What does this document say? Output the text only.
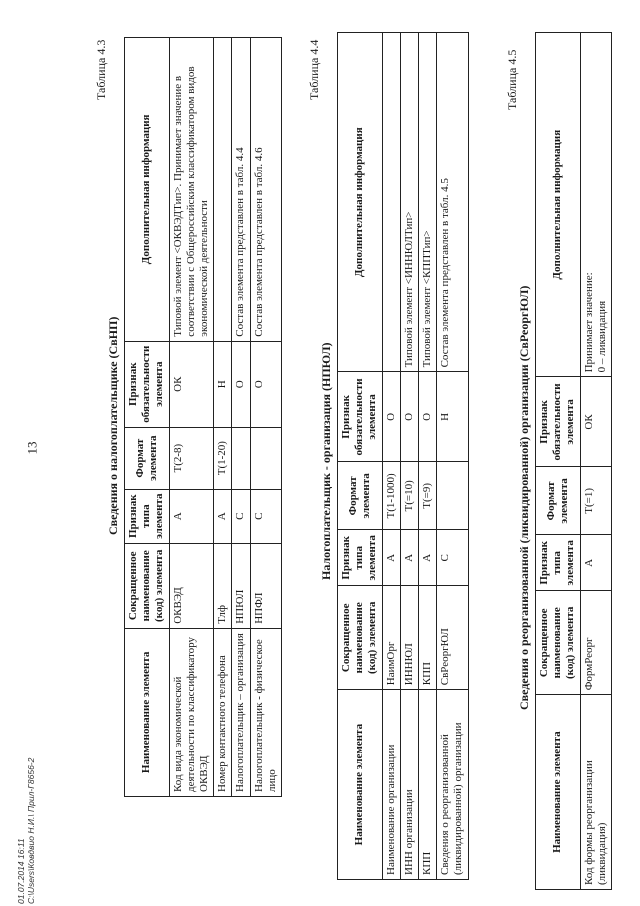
13
01.07.2014 16:11 C:\Users\Ковдвио Н.И.\ Прил-Г8656-2
Таблица 4.3
Сведения о налогоплательщике (СвНП)
Наименование элемента	Сокращенное наименование (код) элемента	Признак типа элемента	Формат элемента	Признак обязательности элемента	Дополнительная информация
Код вида экономической деятельности по классификатору ОКВЭД	ОКВЭД	А	Т(2-8)	ОК	Типовой элемент <ОКВЭДТип>. Принимает значение в соответствии с Общероссийским классификатором видов экономической деятельности
Номер контактного телефона	Тлф	А	Т(1-20)	Н	
Налогоплательщик – организация	НПЮЛ	С		О	Состав элемента представлен в табл. 4.4
Налогоплательщик - физическое лицо	НПФЛ	С		О	Состав элемента представлен в табл. 4.6
Таблица 4.4
Налогоплательщик - организация (НПЮЛ)
Наименование элемента	Сокращенное наименование (код) элемента	Признак типа элемента	Формат элемента	Признак обязательности элемента	Дополнительная информация
Наименование организации	НаимОрг	А	Т(1-1000)	О	
ИНН организации	ИННЮЛ	А	Т(=10)	О	Типовой элемент <ИННЮЛТип>
КПП	КПП	А	Т(=9)	О	Типовой элемент <КППТип>
Сведения о реорганизованной (ликвидированной) организации	СвРеоргЮЛ	С		Н	Состав элемента представлен в табл. 4.5
Таблица 4.5
Сведения о реорганизованной (ликвидированной) организации (СвРеоргЮЛ)
Наименование элемента	Сокращенное наименование (код) элемента	Признак типа элемента	Формат элемента	Признак обязательности элемента	Дополнительная информация
Код формы реорганизации (ликвидация)	ФормРеорг	А	Т(=1)	ОК	Принимает значение:
0 – ликвидация
